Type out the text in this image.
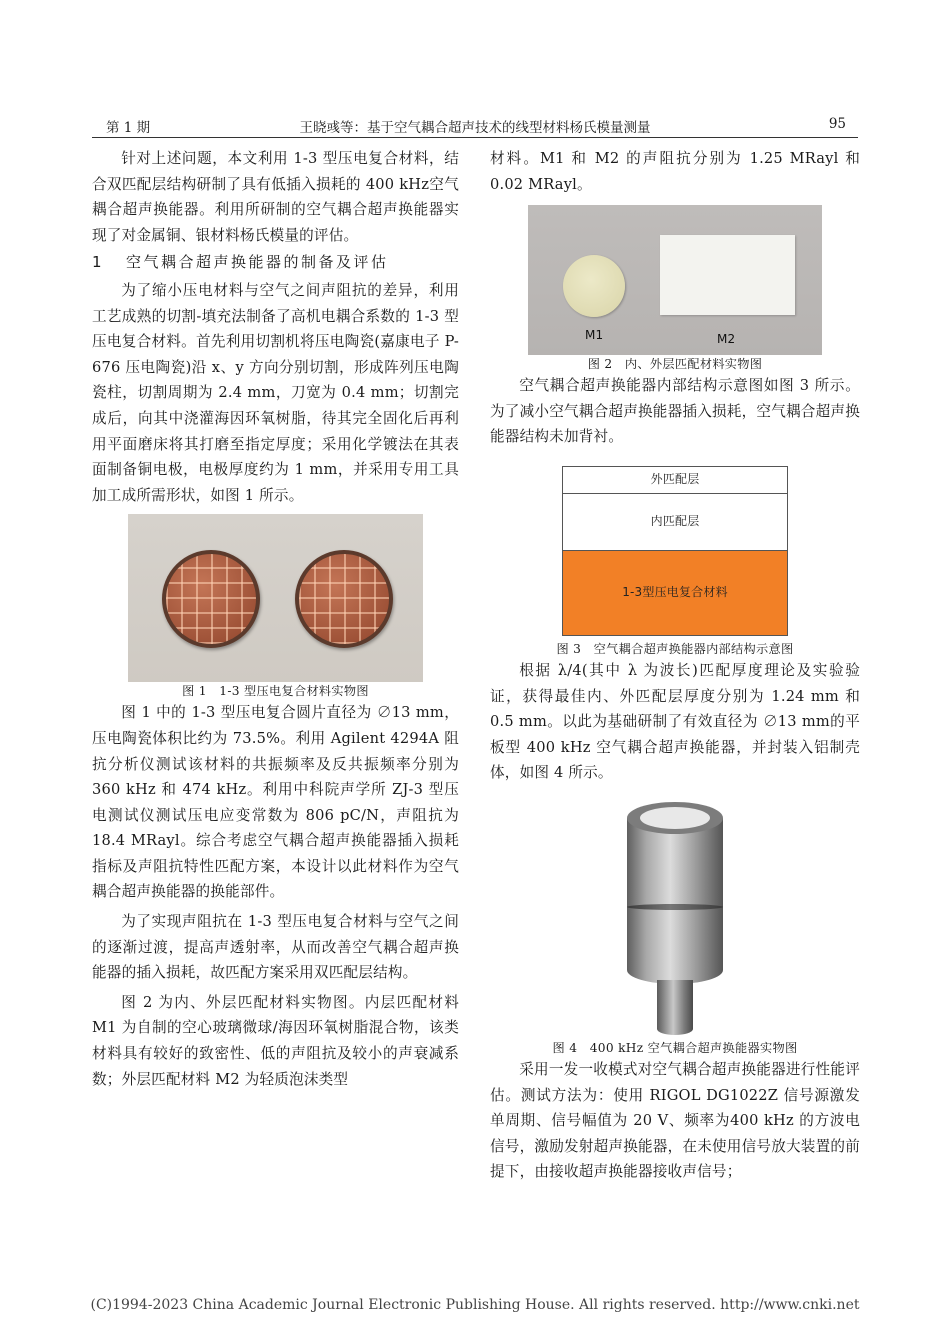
第 1 期	王晓彧等：基于空气耦合超声技术的线型材料杨氏模量测量	95

针对上述问题，本文利用 1-3 型压电复合材料，结合双匹配层结构研制了具有低插入损耗的 400 kHz空气耦合超声换能器。利用所研制的空气耦合超声换能器实现了对金属铜、银材料杨氏模量的评估。

1 空气耦合超声换能器的制备及评估

为了缩小压电材料与空气之间声阻抗的差异，利用工艺成熟的切割-填充法制备了高机电耦合系数的 1-3 型压电复合材料。首先利用切割机将压电陶瓷(嘉康电子 P-676 压电陶瓷)沿 x、y 方向分别切割，形成阵列压电陶瓷柱，切割周期为 2.4 mm，刀宽为 0.4 mm；切割完成后，向其中浇灌海因环氧树脂，待其完全固化后再利用平面磨床将其打磨至指定厚度；采用化学镀法在其表面制备铜电极，电极厚度约为 1 mm，并采用专用工具加工成所需形状，如图 1 所示。

图 1　1-3 型压电复合材料实物图

图 1 中的 1-3 型压电复合圆片直径为 ∅13 mm，压电陶瓷体积比约为 73.5%。利用 Agilent 4294A 阻抗分析仪测试该材料的共振频率及反共振频率分别为 360 kHz 和 474 kHz。利用中科院声学所 ZJ-3 型压电测试仪测试压电应变常数为 806 pC/N，声阻抗为 18.4 MRayl。综合考虑空气耦合超声换能器插入损耗指标及声阻抗特性匹配方案，本设计以此材料作为空气耦合超声换能器的换能部件。

为了实现声阻抗在 1-3 型压电复合材料与空气之间的逐渐过渡，提高声透射率，从而改善空气耦合超声换能器的插入损耗，故匹配方案采用双匹配层结构。

图 2 为内、外层匹配材料实物图。内层匹配材料 M1 为自制的空心玻璃微球/海因环氧树脂混合物，该类材料具有较好的致密性、低的声阻抗及较小的声衰减系数；外层匹配材料 M2 为轻质泡沫类型

材料。M1 和 M2 的声阻抗分别为 1.25 MRayl 和 0.02 MRayl。

M1	M2
图 2　内、外层匹配材料实物图

空气耦合超声换能器内部结构示意图如图 3 所示。为了减小空气耦合超声换能器插入损耗，空气耦合超声换能器结构未加背衬。

外匹配层
内匹配层
1-3型压电复合材料
图 3　空气耦合超声换能器内部结构示意图

根据 λ/4(其中 λ 为波长)匹配厚度理论及实验验证，获得最佳内、外匹配层厚度分别为 1.24 mm 和 0.5 mm。以此为基础研制了有效直径为 ∅13 mm的平板型 400 kHz 空气耦合超声换能器，并封装入铝制壳体，如图 4 所示。

图 4　400 kHz 空气耦合超声换能器实物图

采用一发一收模式对空气耦合超声换能器进行性能评估。测试方法为：使用 RIGOL DG1022Z 信号源激发单周期、信号幅值为 20 V、频率为400 kHz 的方波电信号，激励发射超声换能器，在未使用信号放大装置的前提下，由接收超声换能器接收声信号；

(C)1994-2023 China Academic Journal Electronic Publishing House. All rights reserved. http://www.cnki.net
